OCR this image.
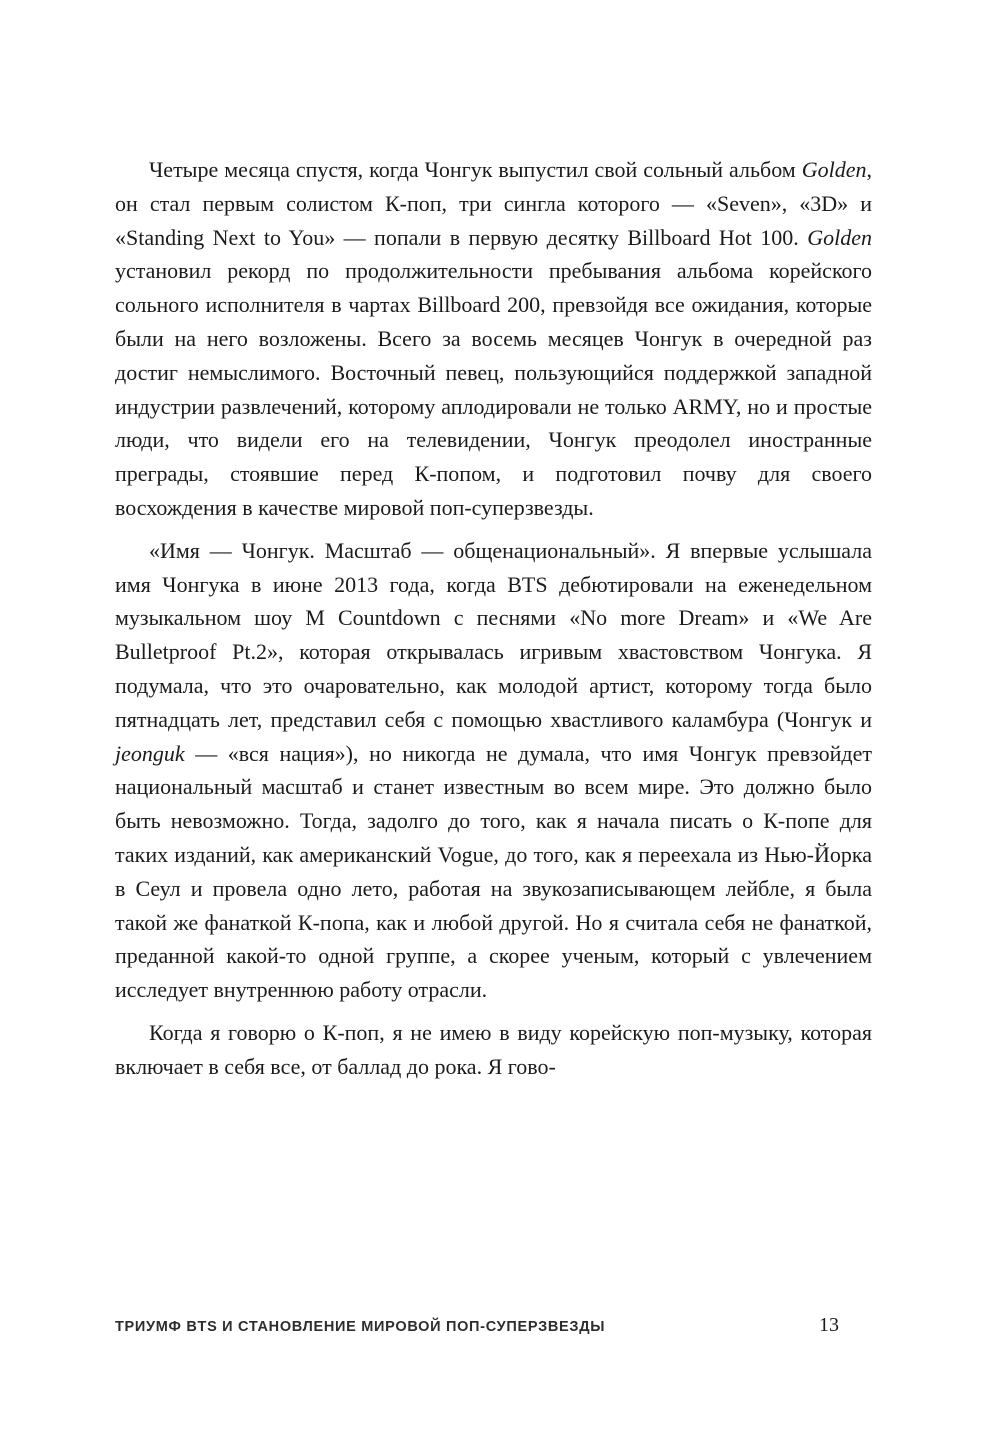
Четыре месяца спустя, когда Чонгук выпустил свой сольный альбом Golden, он стал первым солистом К-поп, три сингла которого — «Seven», «3D» и «Standing Next to You» — попали в первую десятку Billboard Hot 100. Golden установил рекорд по продолжительности пребывания альбома корейского сольного исполнителя в чартах Billboard 200, превзойдя все ожидания, которые были на него возложены. Всего за восемь месяцев Чонгук в очередной раз достиг немыслимого. Восточный певец, пользующийся поддержкой западной индустрии развлечений, которому аплодировали не только ARMY, но и простые люди, что видели его на телевидении, Чонгук преодолел иностранные преграды, стоявшие перед К-попом, и подготовил почву для своего восхождения в качестве мировой поп-суперзвезды.

«Имя — Чонгук. Масштаб — общенациональный». Я впервые услышала имя Чонгука в июне 2013 года, когда BTS дебютировали на еженедельном музыкальном шоу M Countdown с песнями «No more Dream» и «We Are Bulletproof Pt.2», которая открывалась игривым хвастовством Чонгука. Я подумала, что это очаровательно, как молодой артист, которому тогда было пятнадцать лет, представил себя с помощью хвастливого каламбура (Чонгук и jeonguk — «вся нация»), но никогда не думала, что имя Чонгук превзойдет национальный масштаб и станет известным во всем мире. Это должно было быть невозможно. Тогда, задолго до того, как я начала писать о К-попе для таких изданий, как американский Vogue, до того, как я переехала из Нью-Йорка в Сеул и провела одно лето, работая на звукозаписывающем лейбле, я была такой же фанаткой К-попа, как и любой другой. Но я считала себя не фанаткой, преданной какой-то одной группе, а скорее ученым, который с увлечением исследует внутреннюю работу отрасли.

Когда я говорю о К-поп, я не имею в виду корейскую поп-музыку, которая включает в себя все, от баллад до рока. Я гово-

ТРИУМФ BTS И СТАНОВЛЕНИЕ МИРОВОЙ ПОП-СУПЕРЗВЕЗДЫ	13
